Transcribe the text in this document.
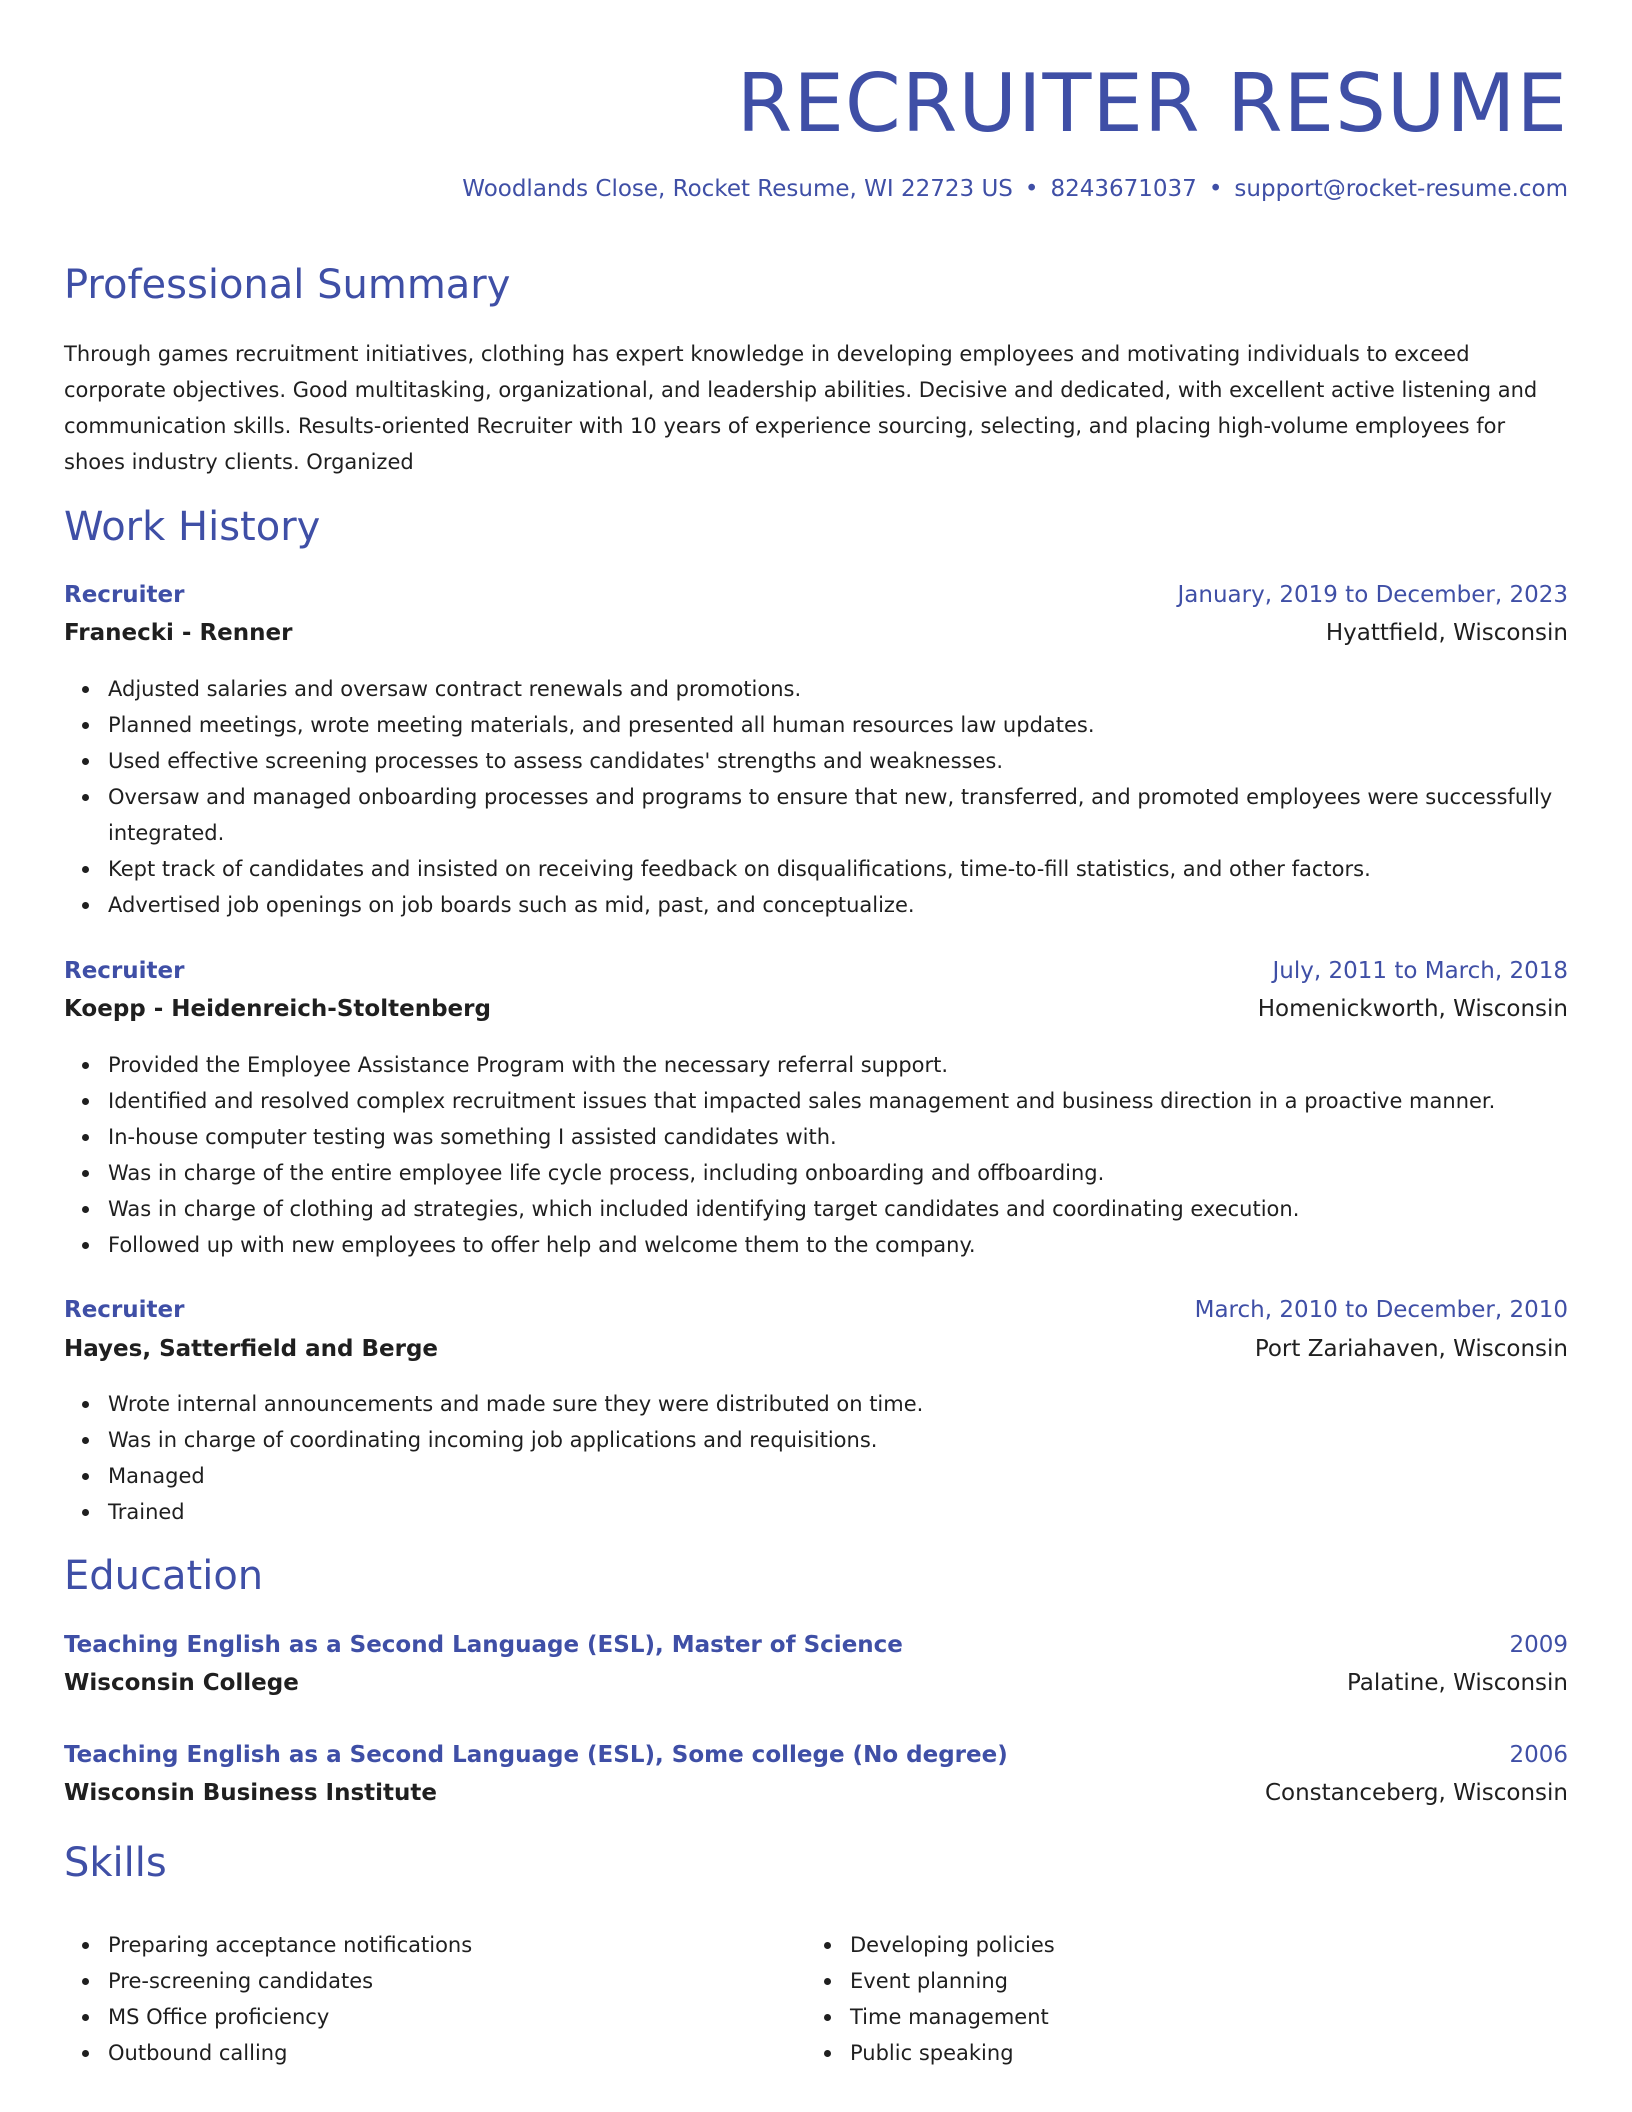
RECRUITER RESUME
Woodlands Close, Rocket Resume, WI 22723 US • 8243671037 • support@rocket-resume.com
Professional Summary

Through games recruitment initiatives, clothing has expert knowledge in developing employees and motivating individuals to exceed corporate objectives. Good multitasking, organizational, and leadership abilities. Decisive and dedicated, with excellent active listening and communication skills. Results-oriented Recruiter with 10 years of experience sourcing, selecting, and placing high-volume employees for shoes industry clients. Organized

Work History
Recruiter	January, 2019 to December, 2023
Franecki - Renner	Hyattfield, Wisconsin
Adjusted salaries and oversaw contract renewals and promotions.
Planned meetings, wrote meeting materials, and presented all human resources law updates.
Used effective screening processes to assess candidates' strengths and weaknesses.
Oversaw and managed onboarding processes and programs to ensure that new, transferred, and promoted employees were successfully integrated.
Kept track of candidates and insisted on receiving feedback on disqualifications, time-to-fill statistics, and other factors.
Advertised job openings on job boards such as mid, past, and conceptualize.
Recruiter	July, 2011 to March, 2018
Koepp - Heidenreich-Stoltenberg	Homenickworth, Wisconsin
Provided the Employee Assistance Program with the necessary referral support.
Identified and resolved complex recruitment issues that impacted sales management and business direction in a proactive manner.
In-house computer testing was something I assisted candidates with.
Was in charge of the entire employee life cycle process, including onboarding and offboarding.
Was in charge of clothing ad strategies, which included identifying target candidates and coordinating execution.
Followed up with new employees to offer help and welcome them to the company.
Recruiter	March, 2010 to December, 2010
Hayes, Satterfield and Berge	Port Zariahaven, Wisconsin
Wrote internal announcements and made sure they were distributed on time.
Was in charge of coordinating incoming job applications and requisitions.
Managed
Trained
Education
Teaching English as a Second Language (ESL), Master of Science	2009
Wisconsin College	Palatine, Wisconsin
Teaching English as a Second Language (ESL), Some college (No degree)	2006
Wisconsin Business Institute	Constanceberg, Wisconsin
Skills
Preparing acceptance notifications
Pre-screening candidates
MS Office proficiency
Outbound calling
Developing policies
Event planning
Time management
Public speaking
